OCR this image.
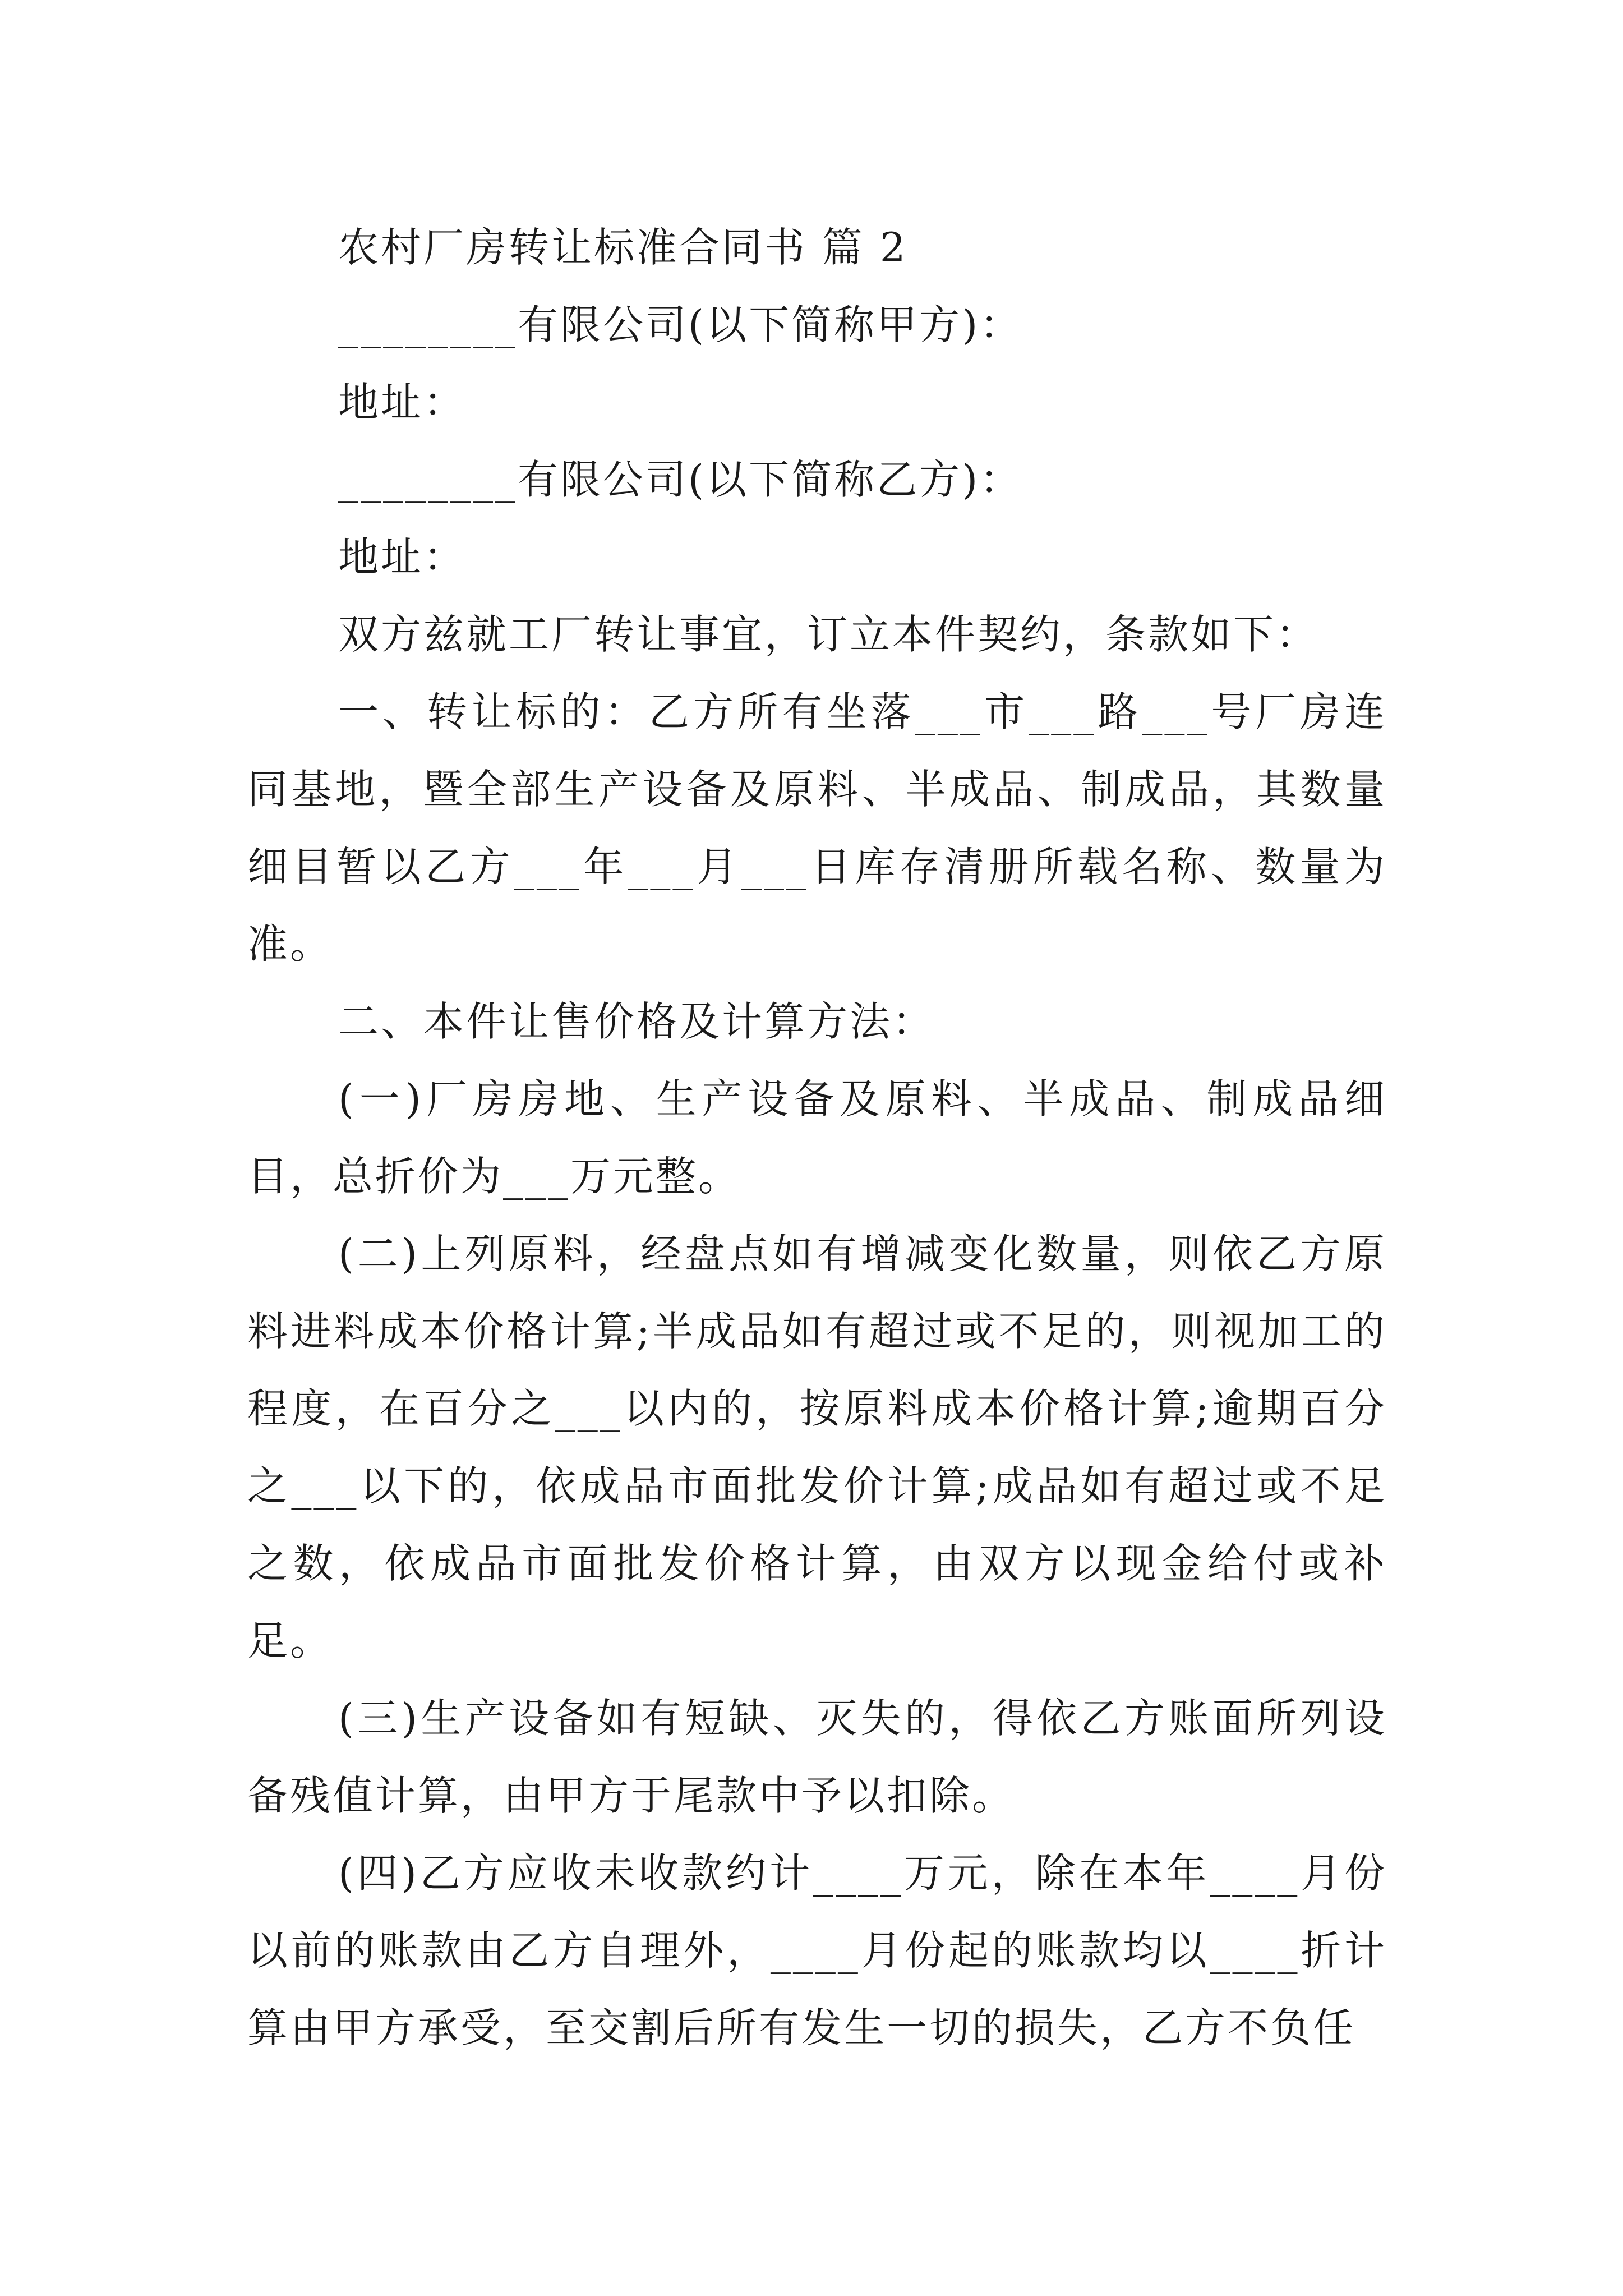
农村厂房转让标准合同书 篇 2

________有限公司(以下简称甲方)：

地址：

________有限公司(以下简称乙方)：

地址：

双方兹就工厂转让事宜，订立本件契约，条款如下：

一、转让标的：乙方所有坐落___市___路___号厂房连同基地，暨全部生产设备及原料、半成品、制成品，其数量细目暂以乙方___年___月___日库存清册所载名称、数量为准。

二、本件让售价格及计算方法：

(一)厂房房地、生产设备及原料、半成品、制成品细目，总折价为___万元整。

(二)上列原料，经盘点如有增减变化数量，则依乙方原料进料成本价格计算;半成品如有超过或不足的，则视加工的程度，在百分之___以内的，按原料成本价格计算;逾期百分之___以下的，依成品市面批发价计算;成品如有超过或不足之数，依成品市面批发价格计算，由双方以现金给付或补足。

(三)生产设备如有短缺、灭失的，得依乙方账面所列设备残值计算，由甲方于尾款中予以扣除。

(四)乙方应收未收款约计____万元，除在本年____月份以前的账款由乙方自理外，____月份起的账款均以____折计算由甲方承受，至交割后所有发生一切的损失，乙方不负任
